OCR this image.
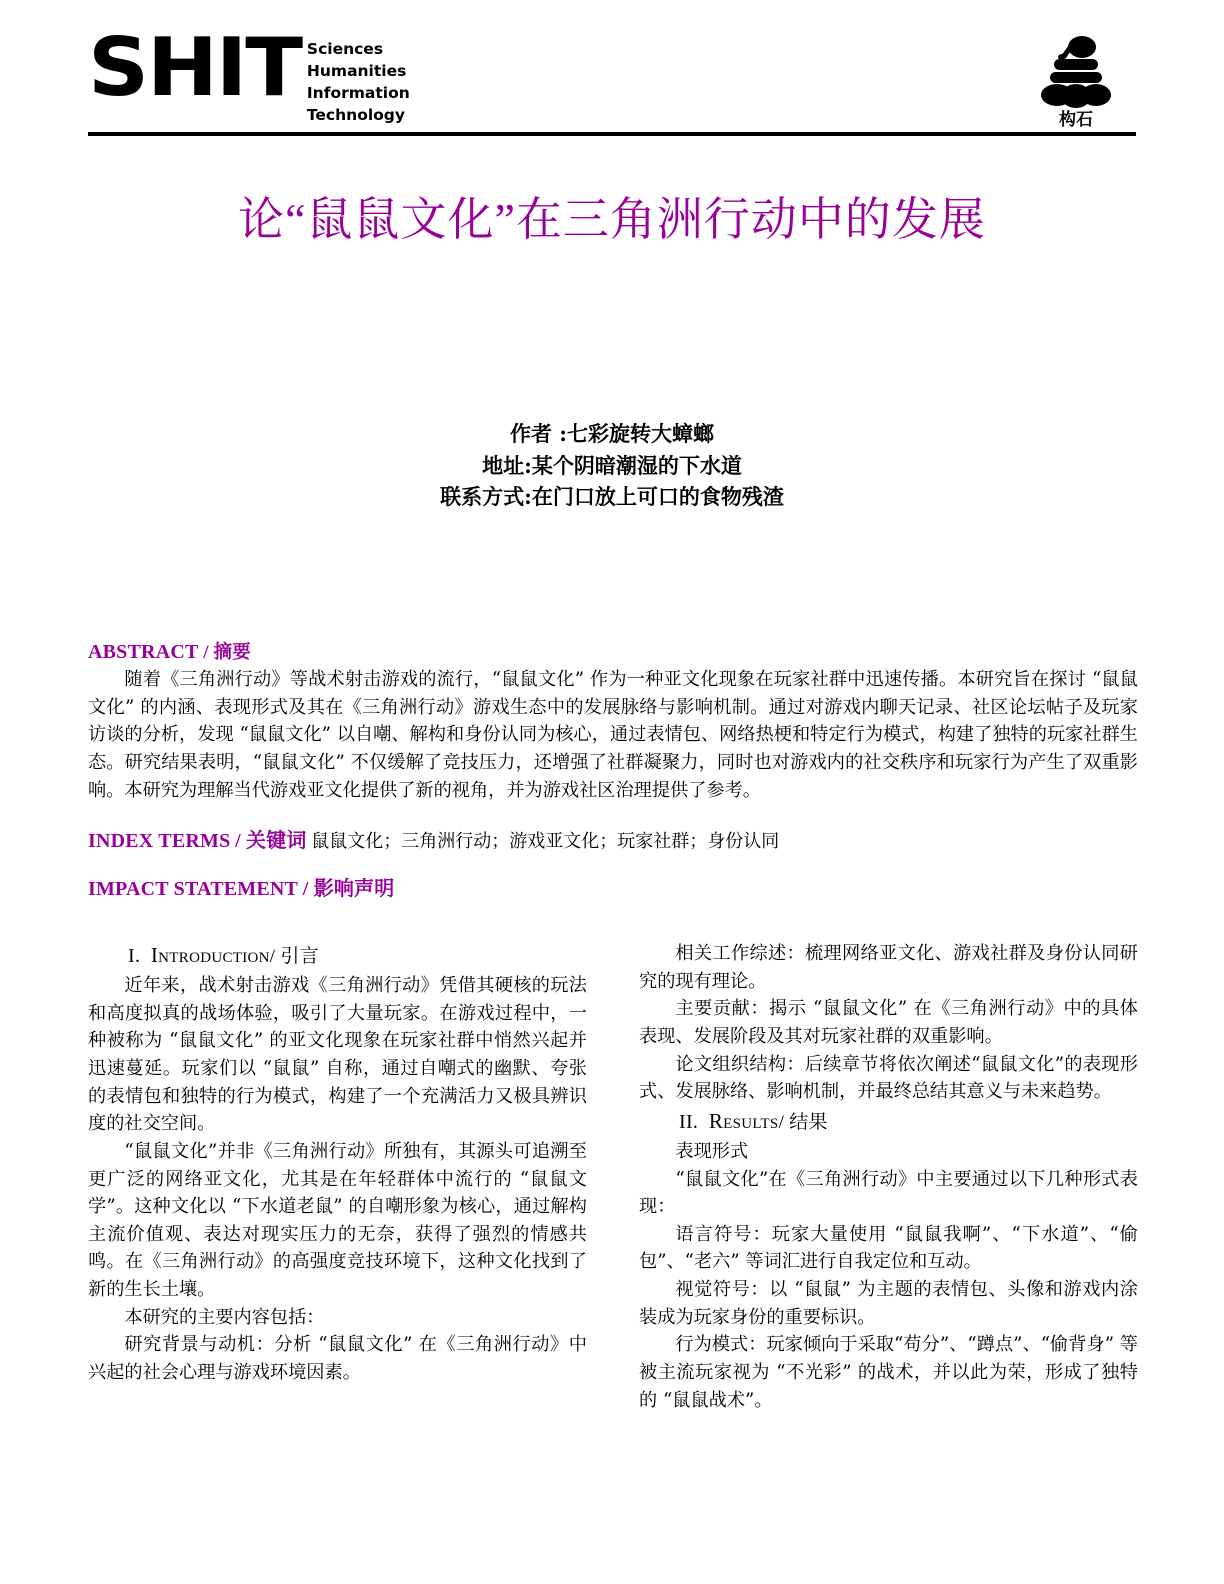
SHIT Sciences
Humanities
Information
Technology	构石
论“鼠鼠文化”在三角洲行动中的发展
作者 :七彩旋转大蟑螂
地址:某个阴暗潮湿的下水道
联系方式:在门口放上可口的食物残渣
ABSTRACT / 摘要

随着《三角洲行动》等战术射击游戏的流行，“鼠鼠文化” 作为一种亚文化现象在玩家社群中迅速传播。本研究旨在探讨 “鼠鼠文化” 的内涵、表现形式及其在《三角洲行动》游戏生态中的发展脉络与影响机制。通过对游戏内聊天记录、社区论坛帖子及玩家访谈的分析，发现 “鼠鼠文化” 以自嘲、解构和身份认同为核心，通过表情包、网络热梗和特定行为模式，构建了独特的玩家社群生态。研究结果表明，“鼠鼠文化” 不仅缓解了竞技压力，还增强了社群凝聚力，同时也对游戏内的社交秩序和玩家行为产生了双重影响。本研究为理解当代游戏亚文化提供了新的视角，并为游戏社区治理提供了参考。

INDEX TERMS / 关键词 鼠鼠文化；三角洲行动；游戏亚文化；玩家社群；身份认同

IMPACT STATEMENT / 影响声明

I. Introduction/ 引言

近年来，战术射击游戏《三角洲行动》凭借其硬核的玩法和高度拟真的战场体验，吸引了大量玩家。在游戏过程中，一种被称为 “鼠鼠文化” 的亚文化现象在玩家社群中悄然兴起并迅速蔓延。玩家们以 “鼠鼠” 自称，通过自嘲式的幽默、夸张的表情包和独特的行为模式，构建了一个充满活力又极具辨识度的社交空间。

“鼠鼠文化”并非《三角洲行动》所独有，其源头可追溯至更广泛的网络亚文化，尤其是在年轻群体中流行的 “鼠鼠文学”。这种文化以 “下水道老鼠” 的自嘲形象为核心，通过解构主流价值观、表达对现实压力的无奈，获得了强烈的情感共鸣。在《三角洲行动》的高强度竞技环境下，这种文化找到了新的生长土壤。

本研究的主要内容包括：

研究背景与动机：分析 “鼠鼠文化” 在《三角洲行动》中兴起的社会心理与游戏环境因素。

相关工作综述：梳理网络亚文化、游戏社群及身份认同研究的现有理论。

主要贡献：揭示 “鼠鼠文化” 在《三角洲行动》中的具体表现、发展阶段及其对玩家社群的双重影响。

论文组织结构：后续章节将依次阐述“鼠鼠文化”的表现形式、发展脉络、影响机制，并最终总结其意义与未来趋势。

II. Results/ 结果

表现形式

“鼠鼠文化”在《三角洲行动》中主要通过以下几种形式表现：

语言符号：玩家大量使用 “鼠鼠我啊”、“下水道”、“偷包”、“老六” 等词汇进行自我定位和互动。

视觉符号：以 “鼠鼠” 为主题的表情包、头像和游戏内涂装成为玩家身份的重要标识。

行为模式：玩家倾向于采取“苟分”、“蹲点”、“偷背身” 等被主流玩家视为 “不光彩” 的战术，并以此为荣，形成了独特的 “鼠鼠战术”。
